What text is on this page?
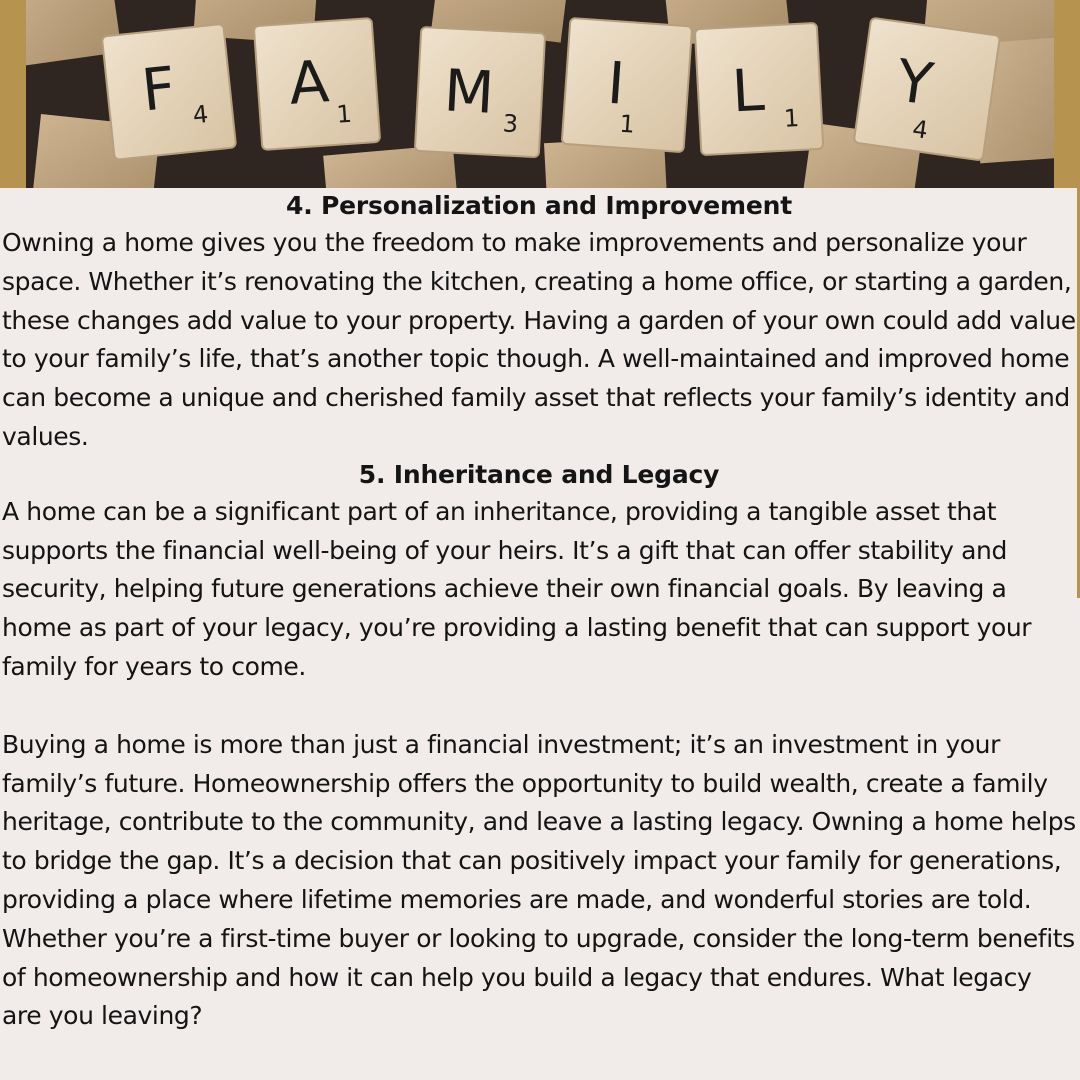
F 4 A 1 M 3
I
1 L 1 Y
4
4. Personalization and Improvement

Owning a home gives you the freedom to make improvements and personalize your space. Whether it’s renovating the kitchen, creating a home office, or starting a garden, these changes add value to your property. Having a garden of your own could add value to your family’s life, that’s another topic though. A well-maintained and improved home can become a unique and cherished family asset that reflects your family’s identity and values.

5. Inheritance and Legacy

A home can be a significant part of an inheritance, providing a tangible asset that supports the financial well-being of your heirs. It’s a gift that can offer stability and security, helping future generations achieve their own financial goals. By leaving a home as part of your legacy, you’re providing a lasting benefit that can support your family for years to come.

Buying a home is more than just a financial investment; it’s an investment in your family’s future. Homeownership offers the opportunity to build wealth, create a family heritage, contribute to the community, and leave a lasting legacy. Owning a home helps to bridge the gap. It’s a decision that can positively impact your family for generations, providing a place where lifetime memories are made, and wonderful stories are told. Whether you’re a first-time buyer or looking to upgrade, consider the long-term benefits of homeownership and how it can help you build a legacy that endures. What legacy are you leaving?
